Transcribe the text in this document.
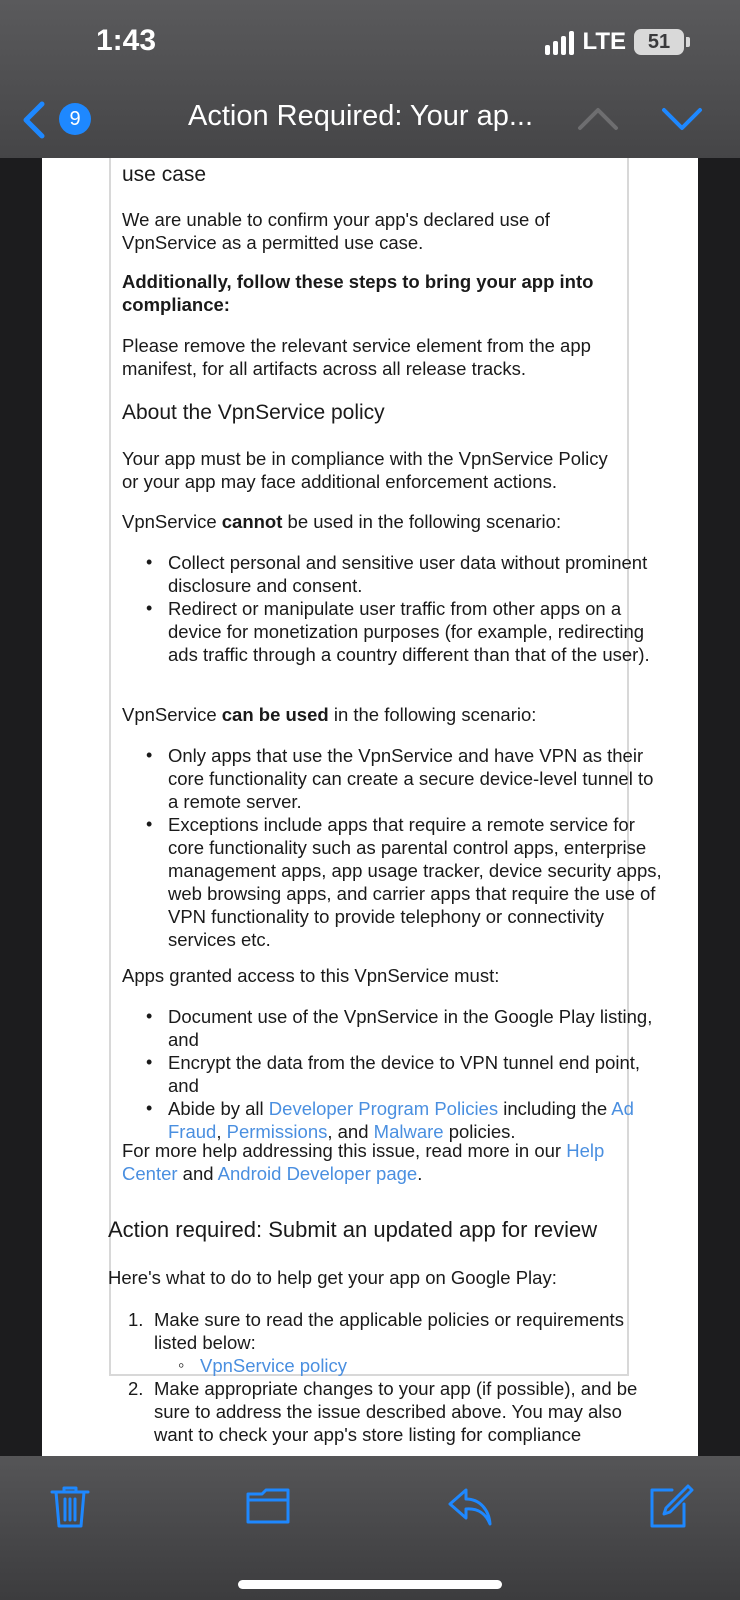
1:43	LTE 51
9	Action Required: Your ap...

use case

We are unable to confirm your app's declared use of VpnService as a permitted use case.

Additionally, follow these steps to bring your app into compliance:

Please remove the relevant service element from the app manifest, for all artifacts across all release tracks.

About the VpnService policy

Your app must be in compliance with the VpnService Policy or your app may face additional enforcement actions.

VpnService cannot be used in the following scenario:

• Collect personal and sensitive user data without prominent disclosure and consent.
• Redirect or manipulate user traffic from other apps on a device for monetization purposes (for example, redirecting ads traffic through a country different than that of the user).

VpnService can be used in the following scenario:

• Only apps that use the VpnService and have VPN as their core functionality can create a secure device-level tunnel to a remote server.
• Exceptions include apps that require a remote service for core functionality such as parental control apps, enterprise management apps, app usage tracker, device security apps, web browsing apps, and carrier apps that require the use of VPN functionality to provide telephony or connectivity services etc.

Apps granted access to this VpnService must:

• Document use of the VpnService in the Google Play listing, and
• Encrypt the data from the device to VPN tunnel end point, and
• Abide by all Developer Program Policies including the Ad Fraud, Permissions, and Malware policies.

For more help addressing this issue, read more in our Help Center and Android Developer page.

Action required: Submit an updated app for review

Here's what to do to help get your app on Google Play:

1. Make sure to read the applicable policies or requirements listed below:
◦ VpnService policy
2. Make appropriate changes to your app (if possible), and be sure to address the issue described above. You may also want to check your app's store listing for compliance
